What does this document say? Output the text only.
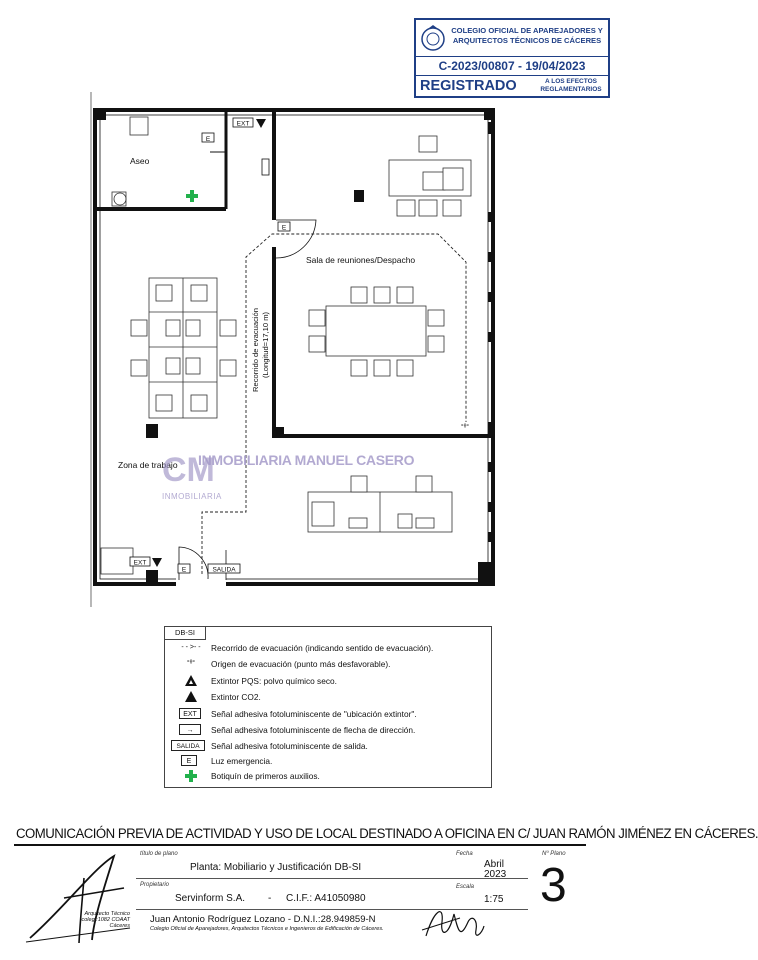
COLEGIO OFICIAL DE APAREJADORES Y ARQUITECTOS TÉCNICOS DE CÁCERES
C-2023/00807 - 19/04/2023
REGISTRADO	A LOS EFECTOS REGLAMENTARIOS
E
Aseo
EXT
E
Sala de reuniones/Despacho
Zona de trabajo
°ᶿ°
Recorrido de evacuación (Longitud=17,10 m)
EXT
E	SALIDA
CM
INMOBILIARIA MANUEL CASERO
INMOBILIARIA
DB-SI
- - >- -	Recorrido de evacuación (indicando sentido de evacuación).
°ᶿ°	Origen de evacuación (punto más desfavorable).
Extintor PQS: polvo químico seco.
Extintor CO2.
EXT	Señal adhesiva fotoluminiscente de "ubicación extintor".
→	Señal adhesiva fotoluminiscente de flecha de dirección.
SALIDA	Señal adhesiva fotoluminiscente de salida.
E	Luz emergencia.
Botiquín de primeros auxilios.
COMUNICACIÓN PREVIA DE ACTIVIDAD Y USO DE LOCAL DESTINADO A OFICINA EN C/ JUAN RAMÓN JIMÉNEZ EN CÁCERES.
Arquitecto Técnico
coleg.:1082 COAAT
Cáceres
título de plano
Planta: Mobiliario y Justificación DB-SI
Propietario
Servinform S.A. - C.I.F.: A41050980
Fecha
Abril
2023
Escala
1:75
Nº Plano
3
Juan Antonio Rodríguez Lozano - D.N.I.:28.949859-N
Colegio Oficial de Aparejadores, Arquitectos Técnicos e Ingenieros de Edificación de Cáceres.
